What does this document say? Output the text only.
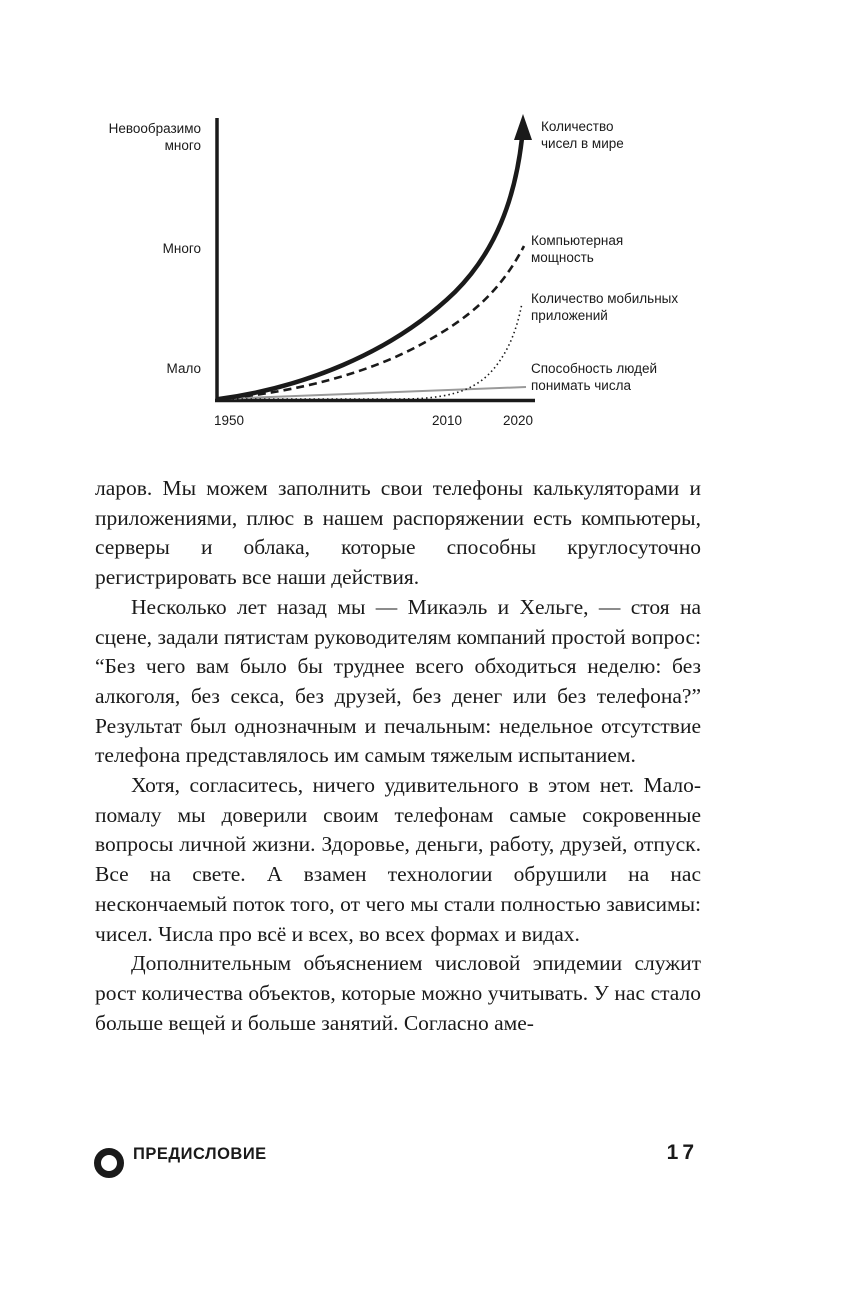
Невообразимо
много
Много
Мало
1950	2010	2020
Количество
чисел в мире
Компьютерная
мощность
Количество мобильных
приложений
Способность людей
понимать числа

ларов. Мы можем заполнить свои телефоны калькуляторами и приложениями, плюс в нашем распоряжении есть компьютеры, серверы и облака, которые способны круглосуточно регистрировать все наши действия.

Несколько лет назад мы — Микаэль и Хельге, — стоя на сцене, задали пятистам руководителям компаний простой вопрос: “Без чего вам было бы труднее всего обходиться неделю: без алкоголя, без секса, без друзей, без денег или без телефона?” Результат был однозначным и печальным: недельное отсутствие телефона представлялось им самым тяжелым испытанием.

Хотя, согласитесь, ничего удивительного в этом нет. Мало-помалу мы доверили своим телефонам самые сокровенные вопросы личной жизни. Здоровье, деньги, работу, друзей, отпуск. Все на свете. А взамен технологии обрушили на нас нескончаемый поток того, от чего мы стали полностью зависимы: чисел. Числа про всё и всех, во всех формах и видах.

Дополнительным объяснением числовой эпидемии служит рост количества объектов, которые можно учитывать. У нас стало больше вещей и больше занятий. Согласно аме-

ПРЕДИСЛОВИЕ	17
